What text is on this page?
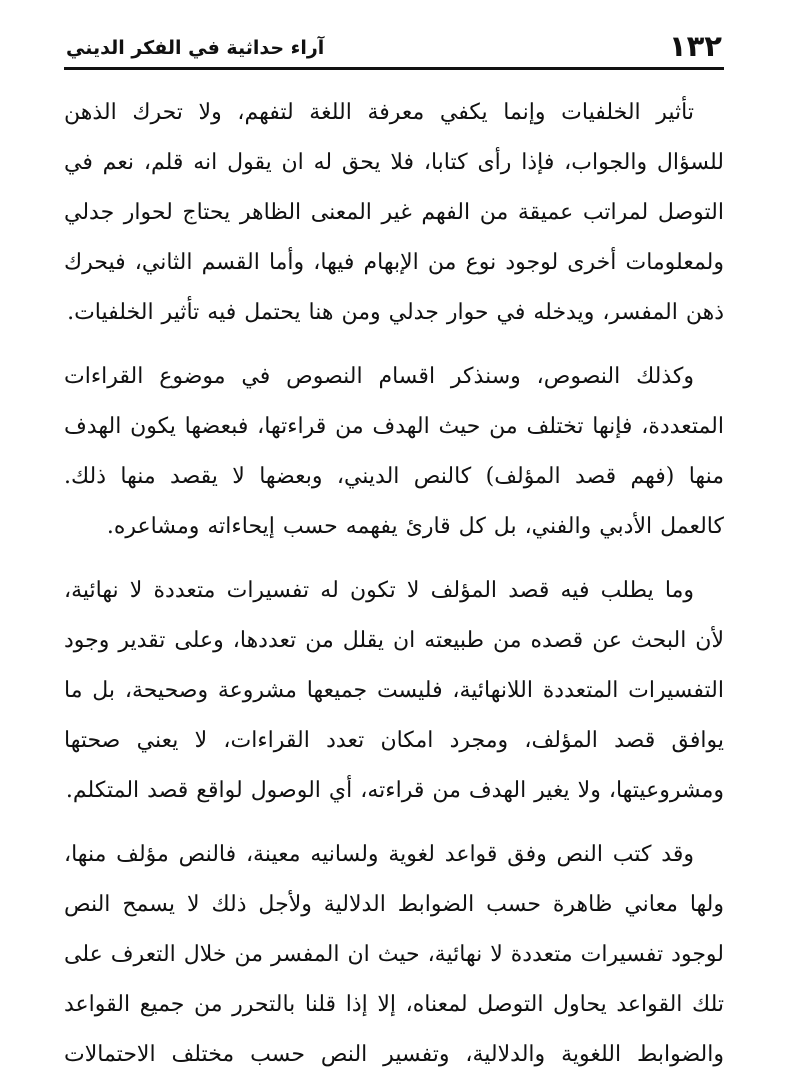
١٣٢
آراء حداثية في الفكر الديني

تأثير الخلفيات وإنما يكفي معرفة اللغة لتفهم، ولا تحرك الذهن للسؤال والجواب، فإذا رأى كتابا، فلا يحق له ان يقول انه قلم، نعم في التوصل لمراتب عميقة من الفهم غير المعنى الظاهر يحتاج لحوار جدلي ولمعلومات أخرى لوجود نوع من الإبهام فيها، وأما القسم الثاني، فيحرك ذهن المفسر، ويدخله في حوار جدلي ومن هنا يحتمل فيه تأثير الخلفيات.

وكذلك النصوص، وسنذكر اقسام النصوص في موضوع القراءات المتعددة، فإنها تختلف من حيث الهدف من قراءتها، فبعضها يكون الهدف منها (فهم قصد المؤلف) كالنص الديني، وبعضها لا يقصد منها ذلك. كالعمل الأدبي والفني، بل كل قارئ يفهمه حسب إيحاءاته ومشاعره.

وما يطلب فيه قصد المؤلف لا تكون له تفسيرات متعددة لا نهائية، لأن البحث عن قصده من طبيعته ان يقلل من تعددها، وعلى تقدير وجود التفسيرات المتعددة اللانهائية، فليست جميعها مشروعة وصحيحة، بل ما يوافق قصد المؤلف، ومجرد امكان تعدد القراءات، لا يعني صحتها ومشروعيتها، ولا يغير الهدف من قراءته، أي الوصول لواقع قصد المتكلم.

وقد كتب النص وفق قواعد لغوية ولسانيه معينة، فالنص مؤلف منها، ولها معاني ظاهرة حسب الضوابط الدلالية ولأجل ذلك لا يسمح النص لوجود تفسيرات متعددة لا نهائية، حيث ان المفسر من خلال التعرف على تلك القواعد يحاول التوصل لمعناه، إلا إذا قلنا بالتحرر من جميع القواعد والضوابط اللغوية والدلالية، وتفسير النص حسب مختلف الاحتمالات
